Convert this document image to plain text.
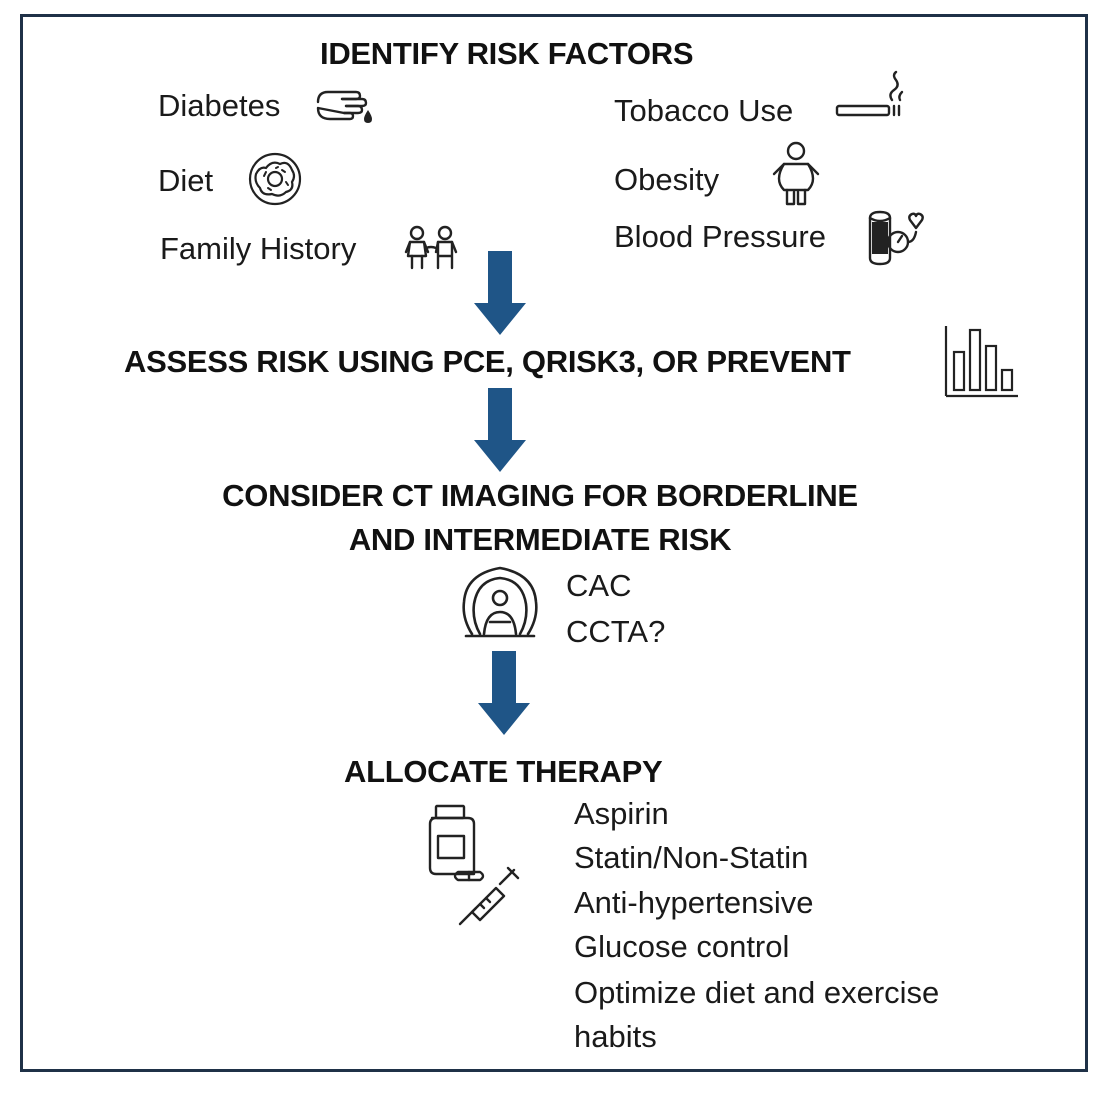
IDENTIFY RISK FACTORS
Diabetes
Diet
Family History
Tobacco Use
Obesity
Blood Pressure
ASSESS RISK USING PCE, QRISK3, OR PREVENT
CONSIDER CT IMAGING FOR BORDERLINE
AND INTERMEDIATE RISK
CAC
CCTA?
ALLOCATE THERAPY
Aspirin
Statin/Non-Statin
Anti-hypertensive
Glucose control
Optimize diet and exercise
habits
